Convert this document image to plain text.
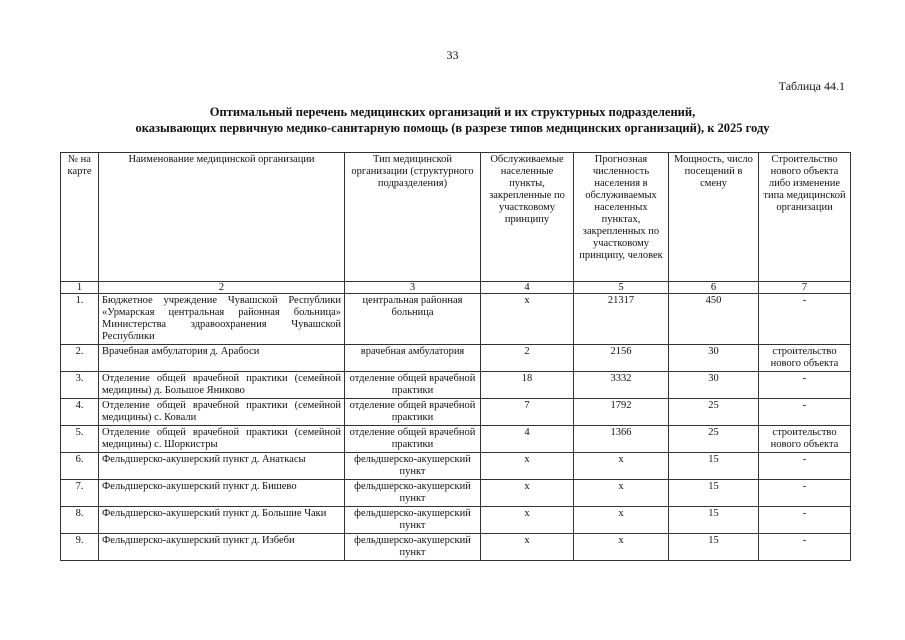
33
Таблица 44.1
Оптимальный перечень медицинских организаций и их структурных подразделений,
оказывающих первичную медико-санитарную помощь (в разрезе типов медицинских организаций), к 2025 году
№ на карте	Наименование медицинской организации	Тип медицинской организации (структурного подразделения)	Обслуживаемые населенные пункты, закрепленные по участковому принципу	Прогнозная численность населения в обслуживаемых населенных пунктах, закрепленных по участковому принципу, человек	Мощность, число посещений в смену	Строительство нового объекта либо изменение типа медицинской организации
1	2	3	4	5	6	7
1.	Бюджетное учреждение Чувашской Республики «Урмарская центральная районная больница» Министерства здравоохранения Чувашской Республики	центральная районная больница	х	21317	450	-
2.	Врачебная амбулатория д. Арабоси	врачебная амбулатория	2	2156	30	строительство нового объекта
3.	Отделение общей врачебной практики (семейной медицины) д. Большое Яниково	отделение общей врачебной практики	18	3332	30	-
4.	Отделение общей врачебной практики (семейной медицины) с. Ковали	отделение общей врачебной практики	7	1792	25	-
5.	Отделение общей врачебной практики (семейной медицины) с. Шоркистры	отделение общей врачебной практики	4	1366	25	строительство нового объекта
6.	Фельдшерско-акушерский пункт д. Анаткасы	фельдшерско-акушерский пункт	х	х	15	-
7.	Фельдшерско-акушерский пункт д. Бишево	фельдшерско-акушерский пункт	х	х	15	-
8.	Фельдшерско-акушерский пункт д. Большие Чаки	фельдшерско-акушерский пункт	х	х	15	-
9.	Фельдшерско-акушерский пункт д. Избеби	фельдшерско-акушерский пункт	х	х	15	-
